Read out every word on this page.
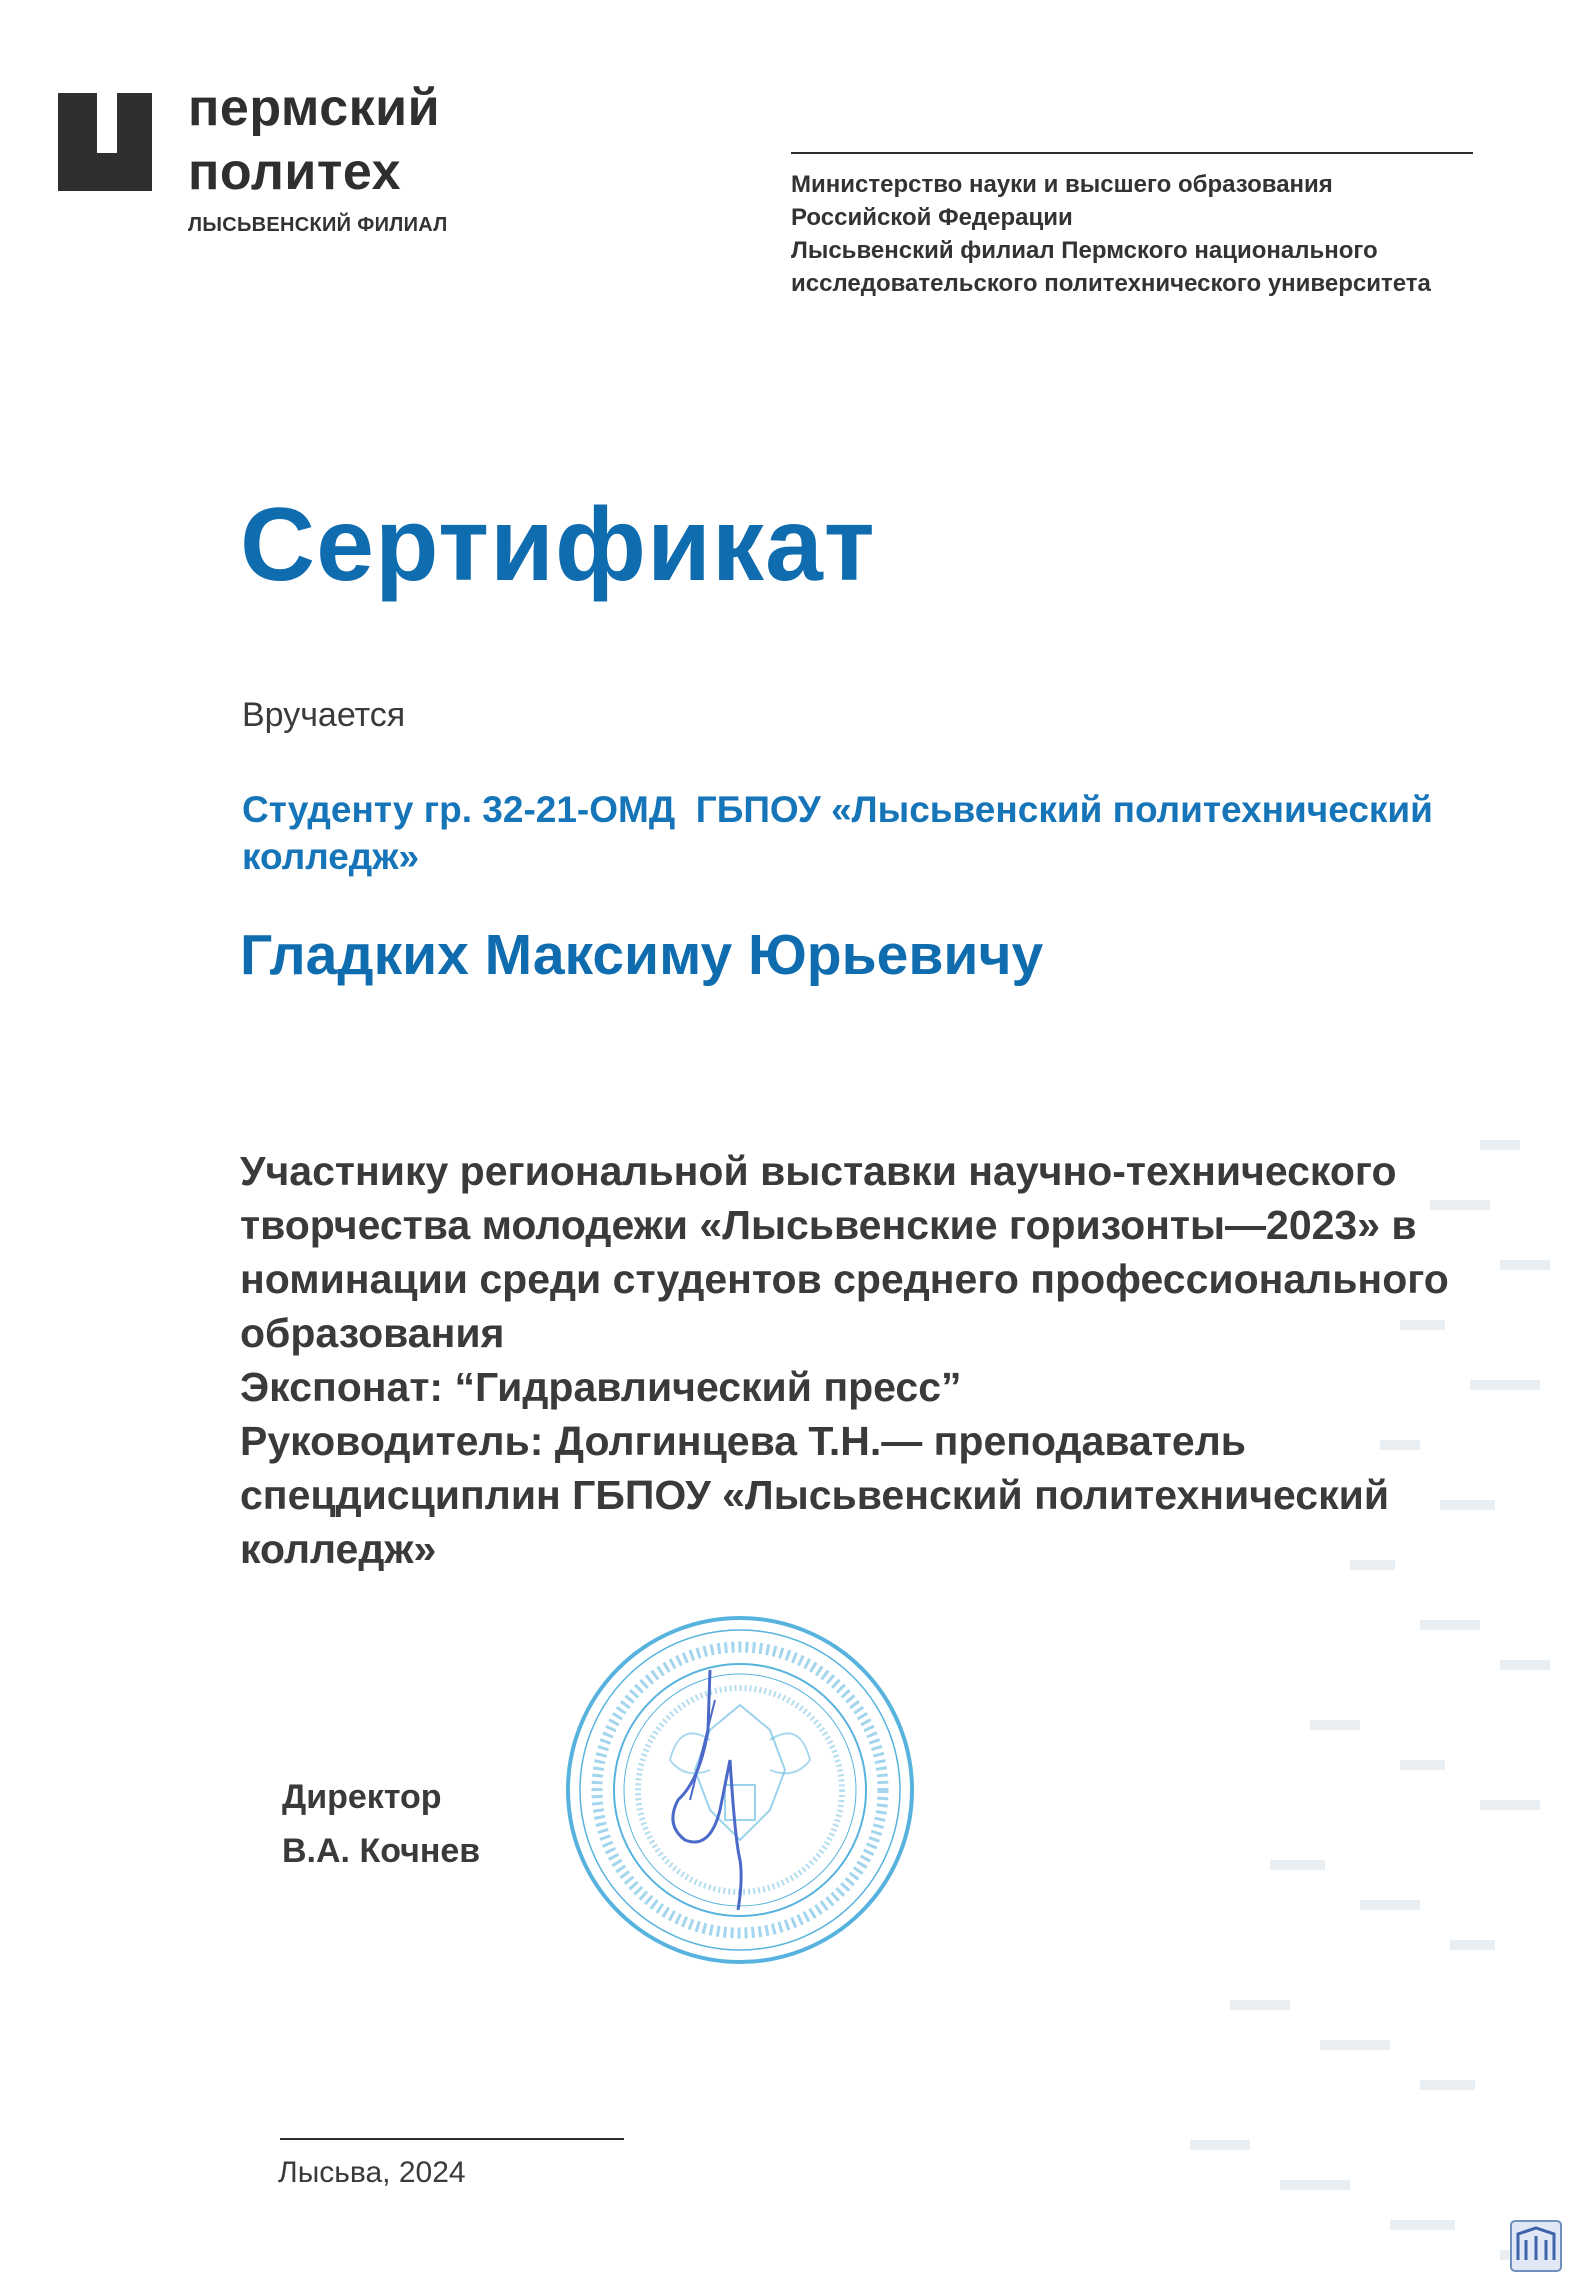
пермский
политех
ЛЫСЬВЕНСКИЙ ФИЛИАЛ
Министерство науки и высшего образования
Российской Федерации
Лысьвенский филиал Пермского национального
исследовательского политехнического университета
Сертификат
Вручается
Студенту гр. 32-21-ОМД  ГБПОУ «Лысьвенский политехнический
колледж»
Гладких Максиму Юрьевичу
Участнику региональной выставки научно-технического
творчества молодежи «Лысьвенские горизонты—2023» в
номинации среди студентов среднего профессионального
образования
Экспонат: “Гидравлический пресс”
Руководитель: Долгинцева Т.Н.— преподаватель
спецдисциплин ГБПОУ «Лысьвенский политехнический
колледж»
Директор
В.А. Кочнев
Лысьва, 2024
